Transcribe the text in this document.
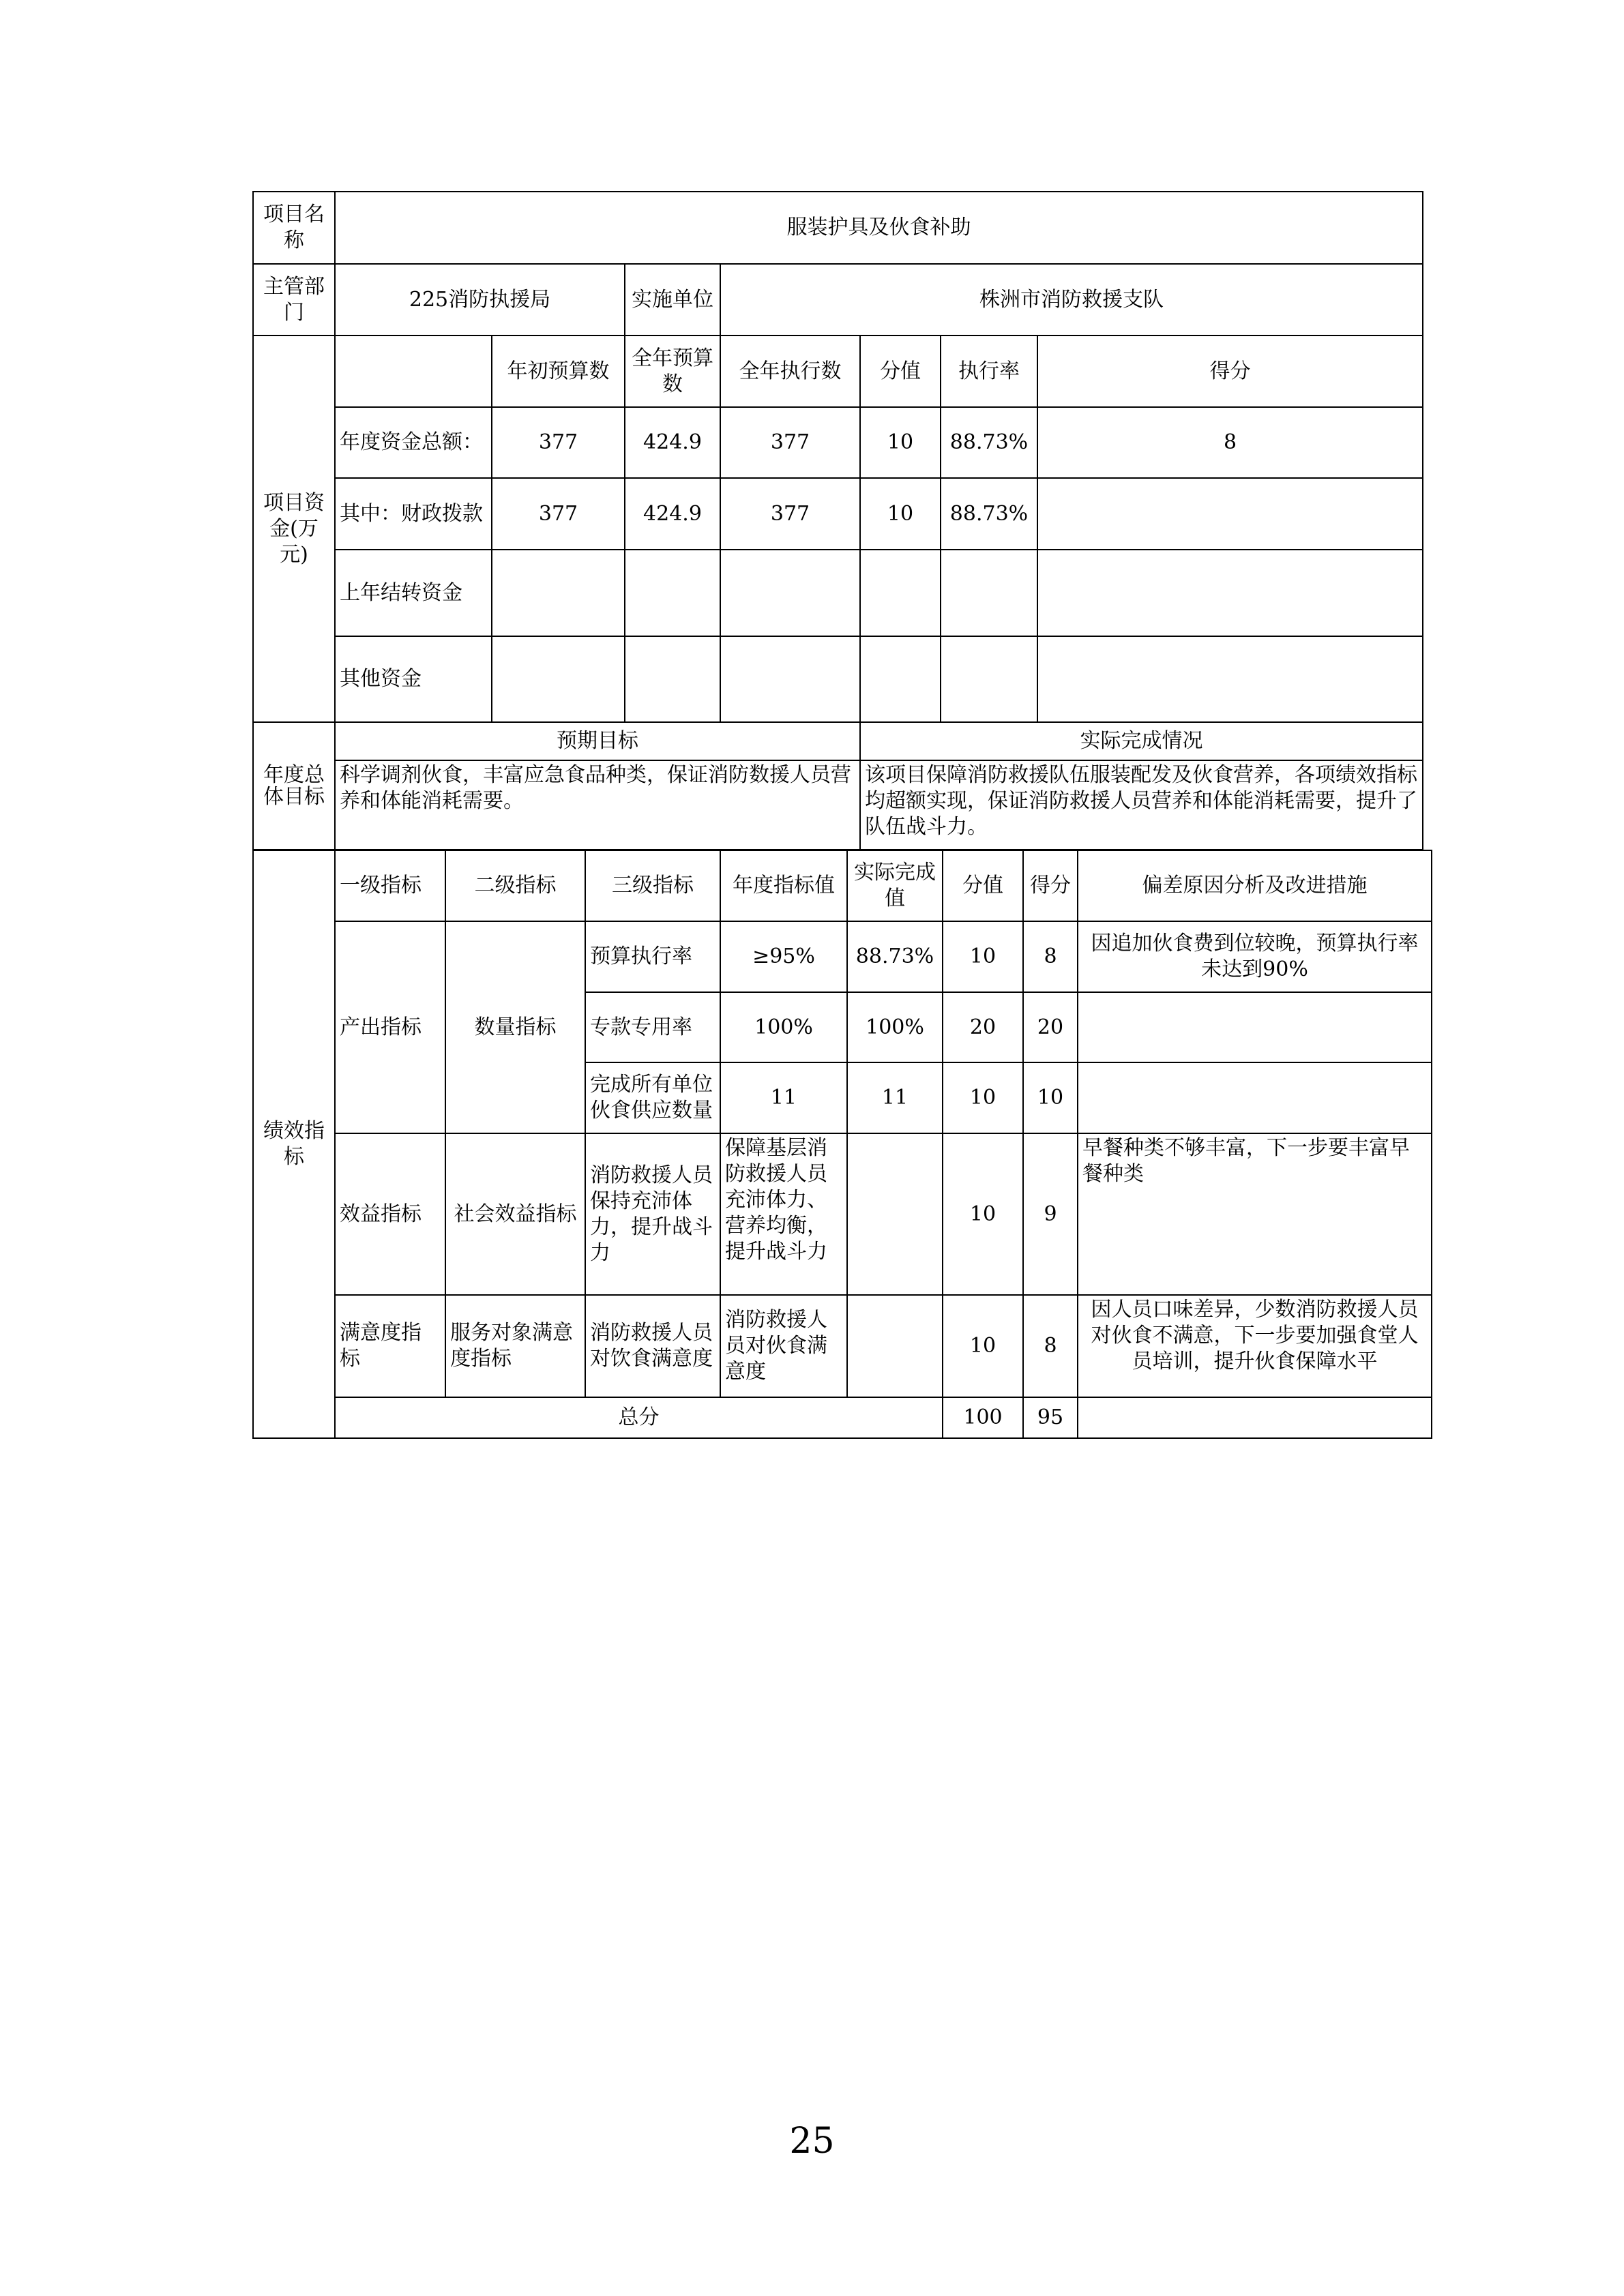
项目名称	服装护具及伙食补助						
主管部门	225消防执援局		实施单位	株洲市消防救援支队			
项目资金(万元)		年初预算数	全年预算数	全年执行数	分值	执行率	得分
	年度资金总额：	377	424.9	377	10	88.73%	8
	其中：财政拨款	377	424.9	377	10	88.73%	
	上年结转资金						
	其他资金						
年度总体目标	预期目标				实际完成情况		
	科学调剂伙食，丰富应急食品种类，保证消防数援人员营养和体能消耗需要。				该项目保障消防救援队伍服装配发及伙食营养，各项绩效指标均超额实现，保证消防救援人员营养和体能消耗需要，提升了队伍战斗力。		
绩效指标	一级指标	二级指标	三级指标	年度指标值	实际完成值	分值	得分	偏差原因分析及改进措施
	产出指标	数量指标	预算执行率	≥95%	88.73%	10	8	因追加伙食费到位较晚，预算执行率未达到90%
			专款专用率	100%	100%	20	20	
			完成所有单位伙食供应数量	11	11	10	10	
	效益指标	社会效益指标	消防救援人员保持充沛体力，提升战斗力	保障基层消防救援人员充沛体力、营养均衡，提升战斗力		10	9	早餐种类不够丰富，下一步要丰富早餐种类
	满意度指标	服务对象满意度指标	消防救援人员对饮食满意度	消防救援人员对伙食满意度		10	8	因人员口味差异，少数消防救援人员对伙食不满意，下一步要加强食堂人员培训，提升伙食保障水平
	总分					100	95	
25
